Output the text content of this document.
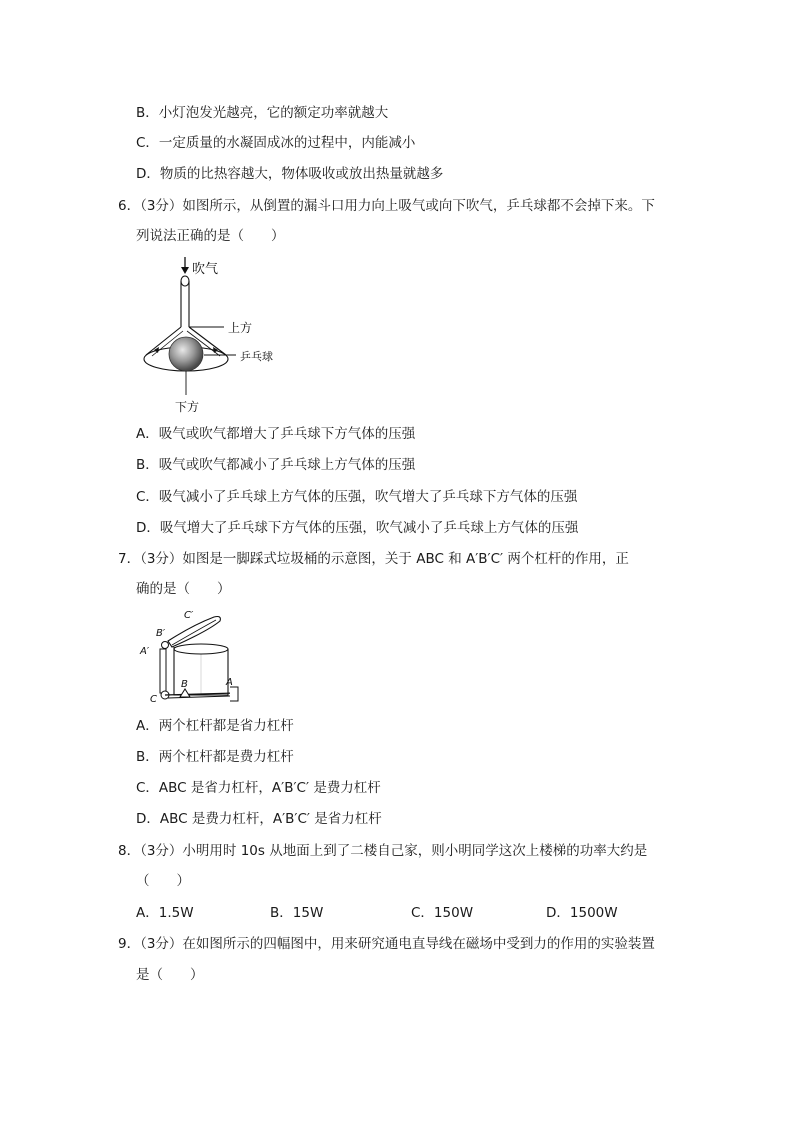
B．小灯泡发光越亮，它的额定功率就越大
C．一定质量的水凝固成冰的过程中，内能减小
D．物质的比热容越大，物体吸收或放出热量就越多
6．（3分）如图所示，从倒置的漏斗口用力向上吸气或向下吹气，乒乓球都不会掉下来。下
列说法正确的是（　　）
吹气
上方
乒乓球
下方
A．吸气或吹气都增大了乒乓球下方气体的压强
B．吸气或吹气都减小了乒乓球上方气体的压强
C．吸气减小了乒乓球上方气体的压强，吹气增大了乒乓球下方气体的压强
D．吸气增大了乒乓球下方气体的压强，吹气减小了乒乓球上方气体的压强
7．（3分）如图是一脚踩式垃圾桶的示意图，关于 ABC 和 A′B′C′ 两个杠杆的作用，正
确的是（　　）
C′
B′
A′
C
B	A
A．两个杠杆都是省力杠杆
B．两个杠杆都是费力杠杆
C．ABC 是省力杠杆，A′B′C′ 是费力杠杆
D．ABC 是费力杠杆，A′B′C′ 是省力杠杆
8．（3分）小明用时 10s 从地面上到了二楼自己家，则小明同学这次上楼梯的功率大约是
（　　）
A．1.5W	B．15W	C．150W	D．1500W
9．（3分）在如图所示的四幅图中，用来研究通电直导线在磁场中受到力的作用的实验装置
是（　　）
